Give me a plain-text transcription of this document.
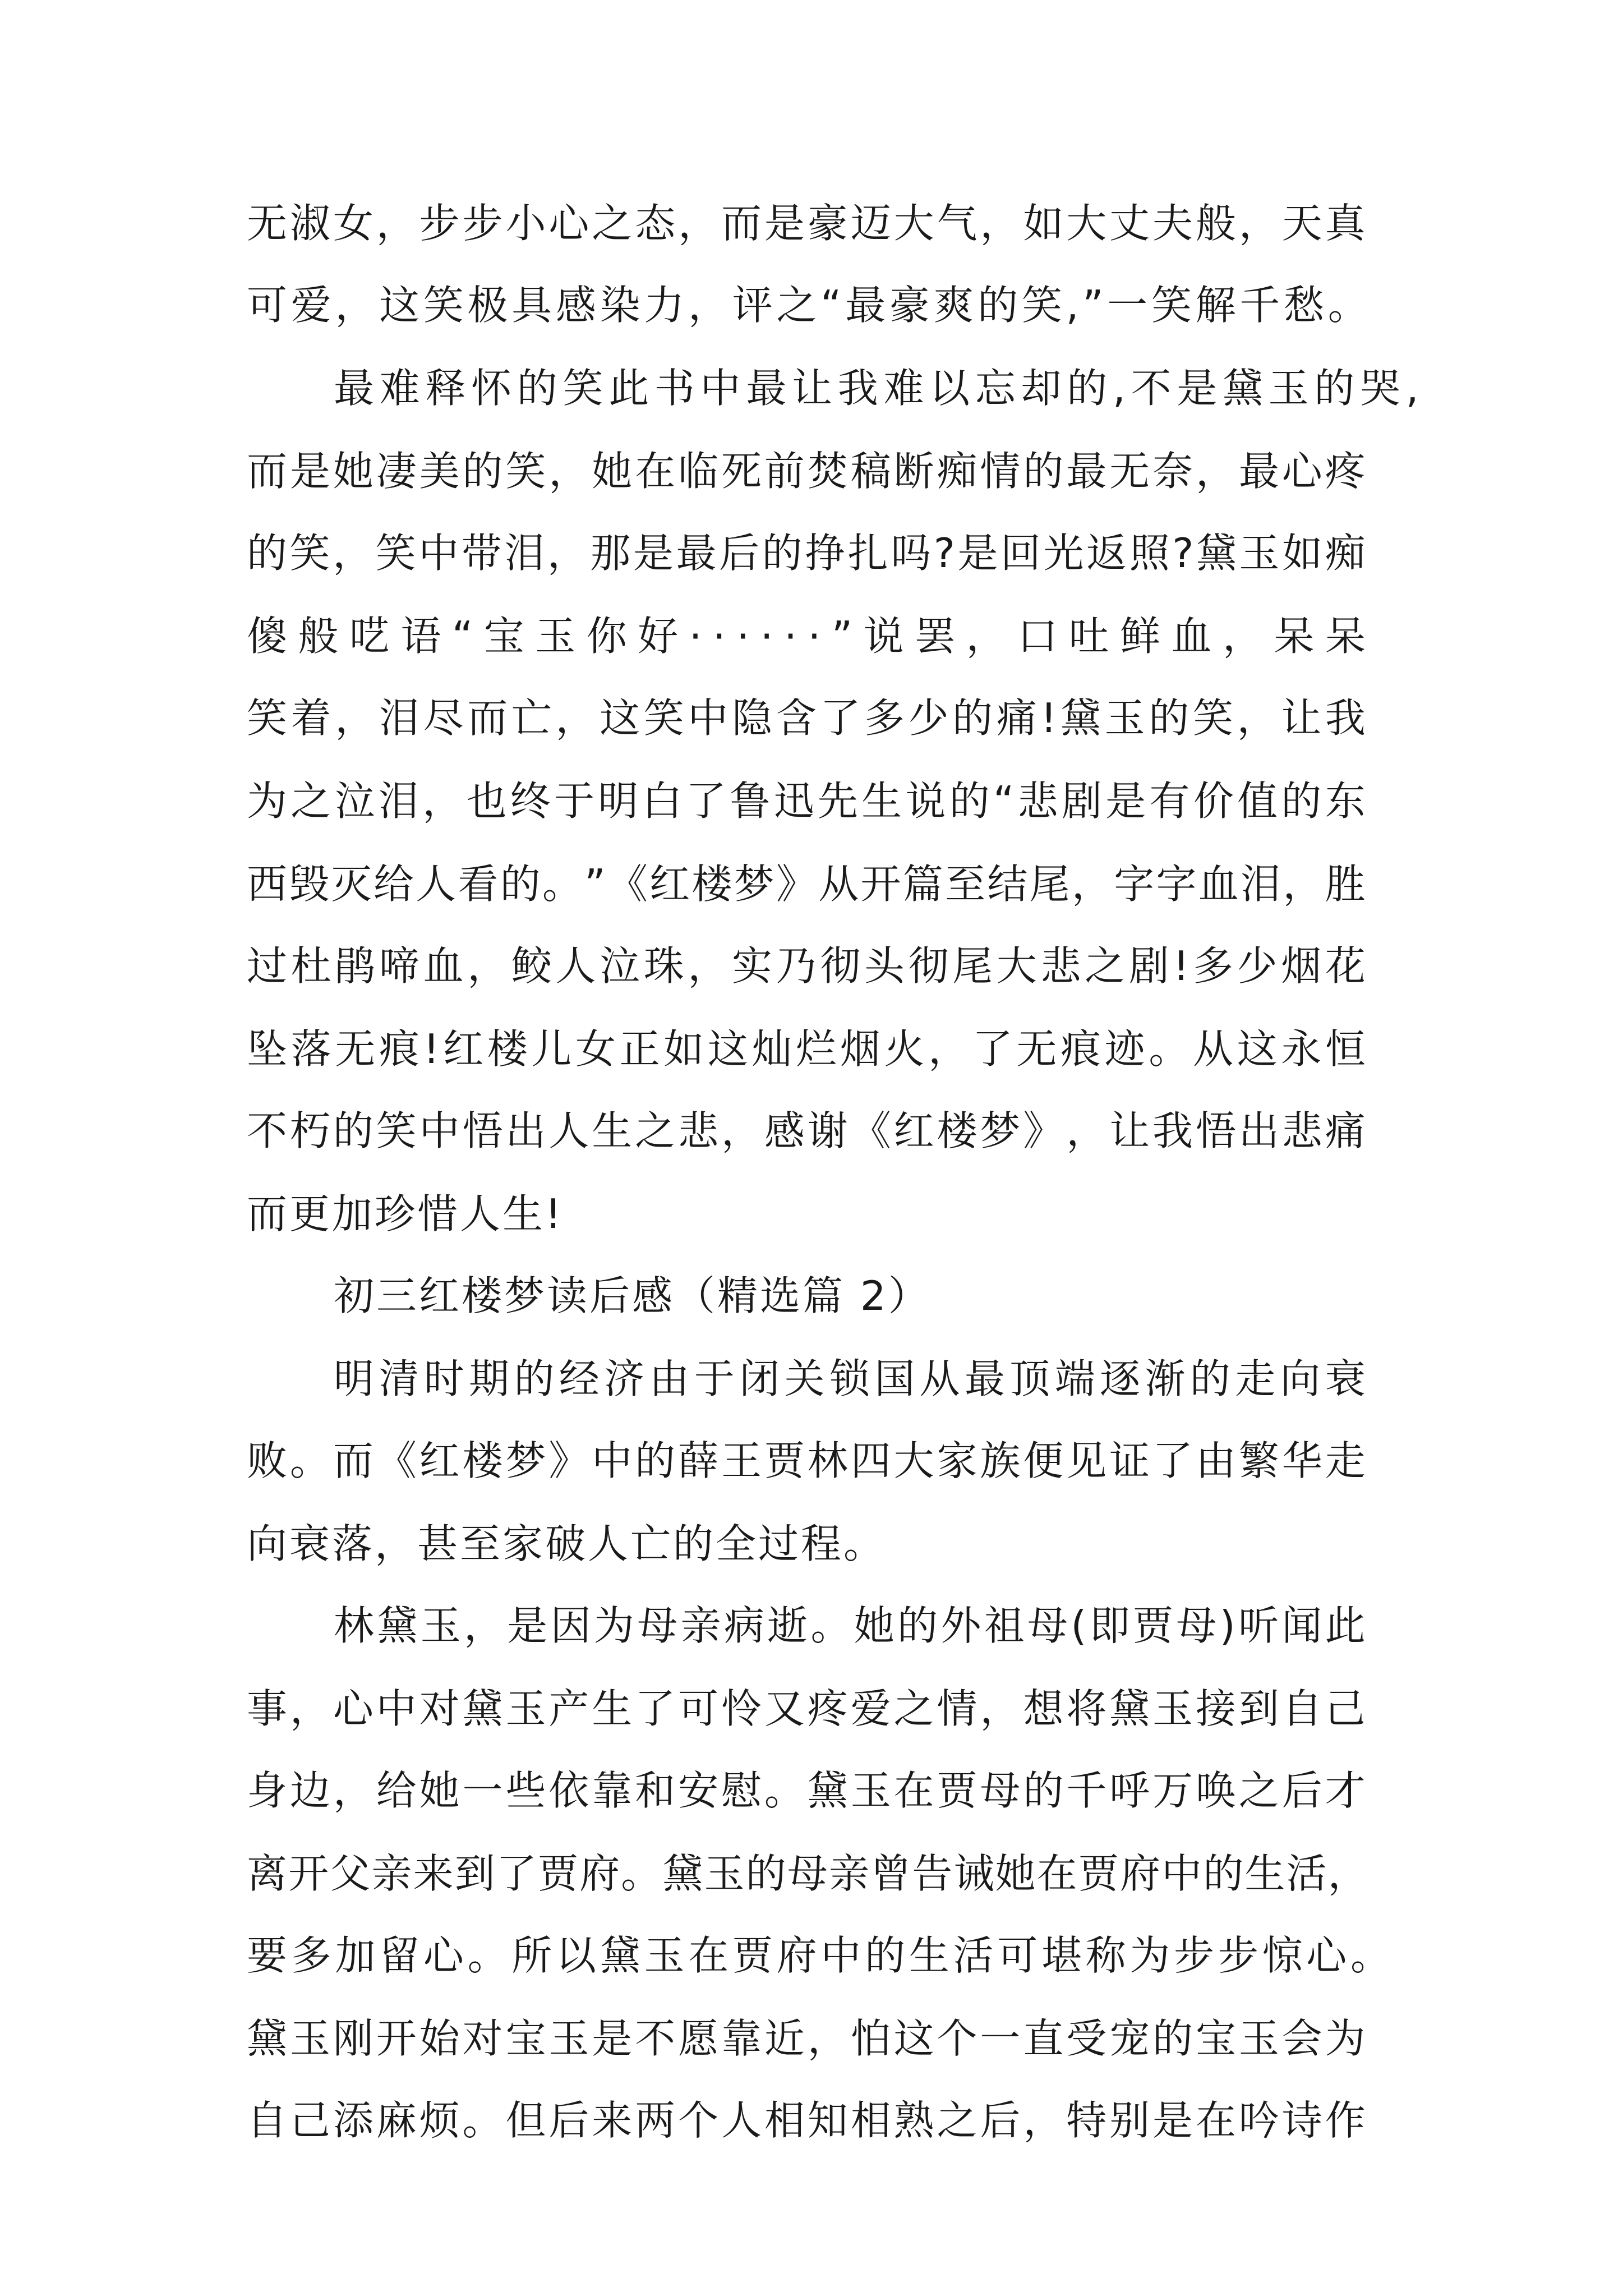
无 淑 女 ， 步 步 小 心 之 态 ， 而 是 豪 迈 大 气 ， 如 大 丈 夫 般 ， 天 真
可 爱 ， 这 笑 极 具 感 染 力 ， 评 之 “ 最 豪 爽 的 笑 , ” 一 笑 解 千 愁 。
最 难 释 怀 的 笑 此 书 中 最 让 我 难 以 忘 却 的 , 不 是 黛 玉 的 哭 ,
而 是 她 凄 美 的 笑 ， 她 在 临 死 前 焚 稿 断 痴 情 的 最 无 奈 ， 最 心 疼
的 笑 ， 笑 中 带 泪 ， 那 是 最 后 的 挣 扎 吗 ? 是 回 光 返 照 ? 黛 玉 如 痴
傻 般 呓 语 “ 宝 玉 你 好 · · · · · · ” 说 罢 ， 口 吐 鲜 血 ， 呆 呆
笑 着 ， 泪 尽 而 亡 ， 这 笑 中 隐 含 了 多 少 的 痛 ! 黛 玉 的 笑 ， 让 我
为 之 泣 泪 ， 也 终 于 明 白 了 鲁 迅 先 生 说 的 “ 悲 剧 是 有 价 值 的 东
西 毁 灭 给 人 看 的 。 ” 《 红 楼 梦 》 从 开 篇 至 结 尾 ， 字 字 血 泪 ， 胜
过 杜 鹃 啼 血 ， 鲛 人 泣 珠 ， 实 乃 彻 头 彻 尾 大 悲 之 剧 ! 多 少 烟 花
坠 落 无 痕 ! 红 楼 儿 女 正 如 这 灿 烂 烟 火 ， 了 无 痕 迹 。 从 这 永 恒
不 朽 的 笑 中 悟 出 人 生 之 悲 ， 感 谢 《 红 楼 梦 》 ， 让 我 悟 出 悲 痛
而更加珍惜人生!
初三红楼梦读后感（精选篇 2）
明 清 时 期 的 经 济 由 于 闭 关 锁 国 从 最 顶 端 逐 渐 的 走 向 衰
败 。 而 《 红 楼 梦 》 中 的 薛 王 贾 林 四 大 家 族 便 见 证 了 由 繁 华 走
向衰落，甚至家破人亡的全过程。
林 黛 玉 ， 是 因 为 母 亲 病 逝 。 她 的 外 祖 母 ( 即 贾 母 ) 听 闻 此
事 ， 心 中 对 黛 玉 产 生 了 可 怜 又 疼 爱 之 情 ， 想 将 黛 玉 接 到 自 己
身 边 ， 给 她 一 些 依 靠 和 安 慰 。 黛 玉 在 贾 母 的 千 呼 万 唤 之 后 才
离 开 父 亲 来 到 了 贾 府 。 黛 玉 的 母 亲 曾 告 诫 她 在 贾 府 中 的 生 活 ，
要 多 加 留 心 。 所 以 黛 玉 在 贾 府 中 的 生 活 可 堪 称 为 步 步 惊 心 。
黛 玉 刚 开 始 对 宝 玉 是 不 愿 靠 近 ， 怕 这 个 一 直 受 宠 的 宝 玉 会 为
自 己 添 麻 烦 。 但 后 来 两 个 人 相 知 相 熟 之 后 ， 特 别 是 在 吟 诗 作
